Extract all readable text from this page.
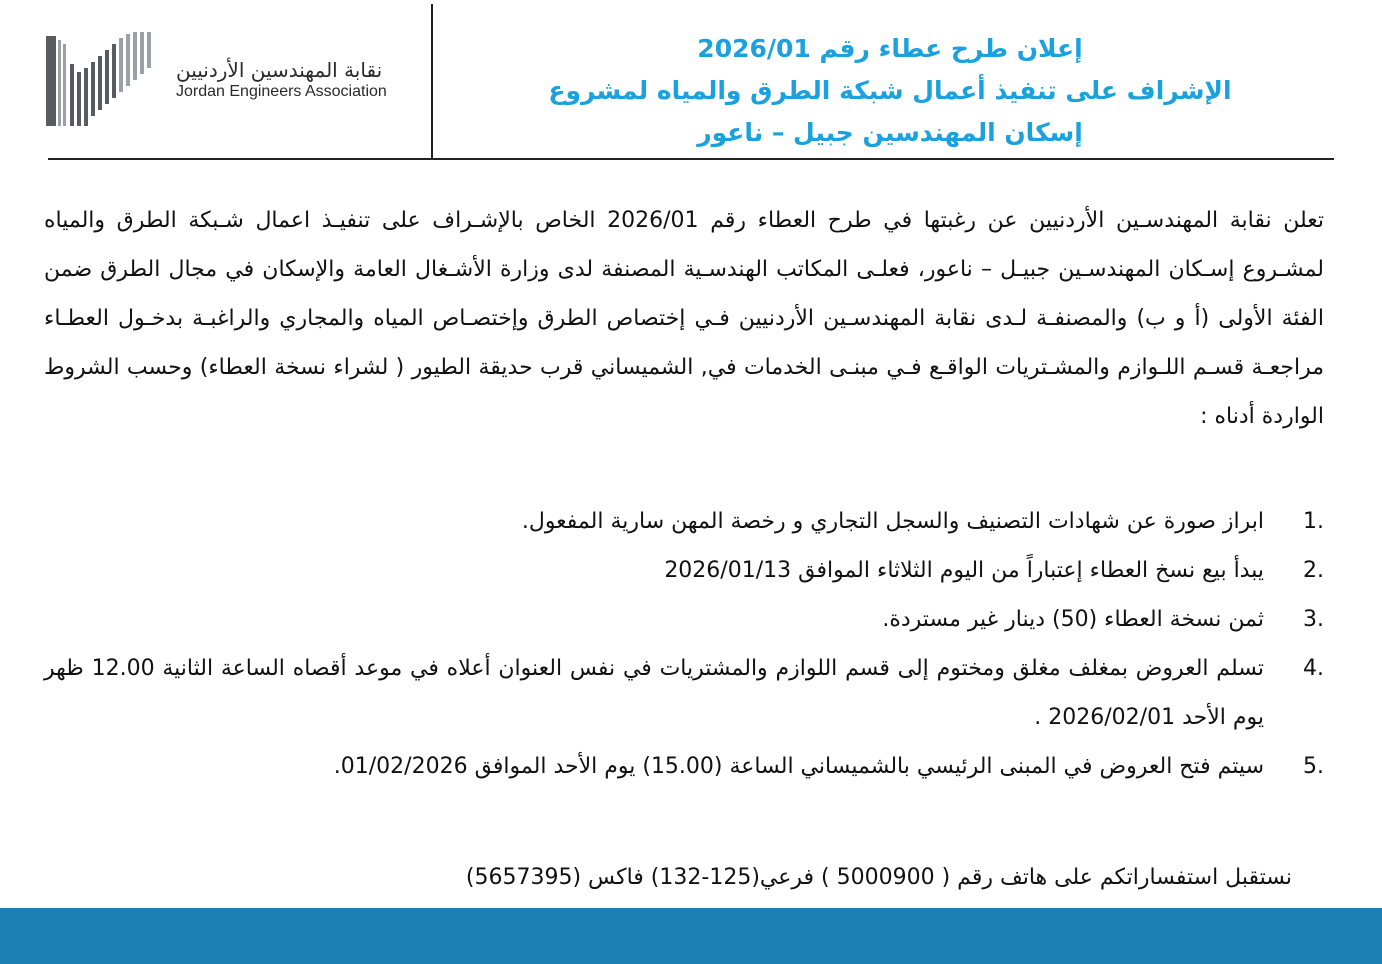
نقابة المهندسين الأردنيين

Jordan Engineers Association

إعلان طرح عطاء رقم 2026/01
الإشراف على تنفيذ أعمال شبكة الطرق والمياه لمشروع
إسكان المهندسين جبيل – ناعور
تعلن نقابة المهندسـين الأردنيين عن رغبتها في طرح العطاء رقم 2026/01 الخاص بالإشـراف على تنفيـذ اعمال شـبكة الطرق والمياه لمشـروع إسـكان المهندسـين جبيـل – ناعور، فعلـى المكاتب الهندسـية المصنفة لدى وزارة الأشـغال العامة والإسكان في مجال الطرق ضمن الفئة الأولى (أ و ب) والمصنفـة لـدى نقابة المهندسـين الأردنيين فـي إختصاص الطرق وإختصـاص المياه والمجاري والراغبـة بدخـول العطـاء مراجعـة قسـم اللـوازم والمشـتريات الواقـع فـي مبنـى الخدمات في, الشميساني قرب حديقة الطيور ( لشراء نسخة العطاء) وحسب الشروط الواردة أدناه :
1.
ابراز صورة عن شهادات التصنيف والسجل التجاري و رخصة المهن سارية المفعول.
2.
يبدأ بيع نسخ العطاء إعتباراً من اليوم الثلاثاء الموافق 2026/01/13
3.
ثمن نسخة العطاء (50) دينار غير مستردة.
4.
تسلم العروض بمغلف مغلق ومختوم إلى قسم اللوازم والمشتريات في نفس العنوان أعلاه في موعد أقصاه الساعة الثانية 12.00 ظهر يوم الأحد 2026/02/01 .
5.
سيتم فتح العروض في المبنى الرئيسي بالشميساني الساعة (15.00) يوم الأحد الموافق 01/02/2026.
نستقبل استفساراتكم على هاتف رقم ( 5000900 ) فرعي(125-132) فاكس (5657395)
